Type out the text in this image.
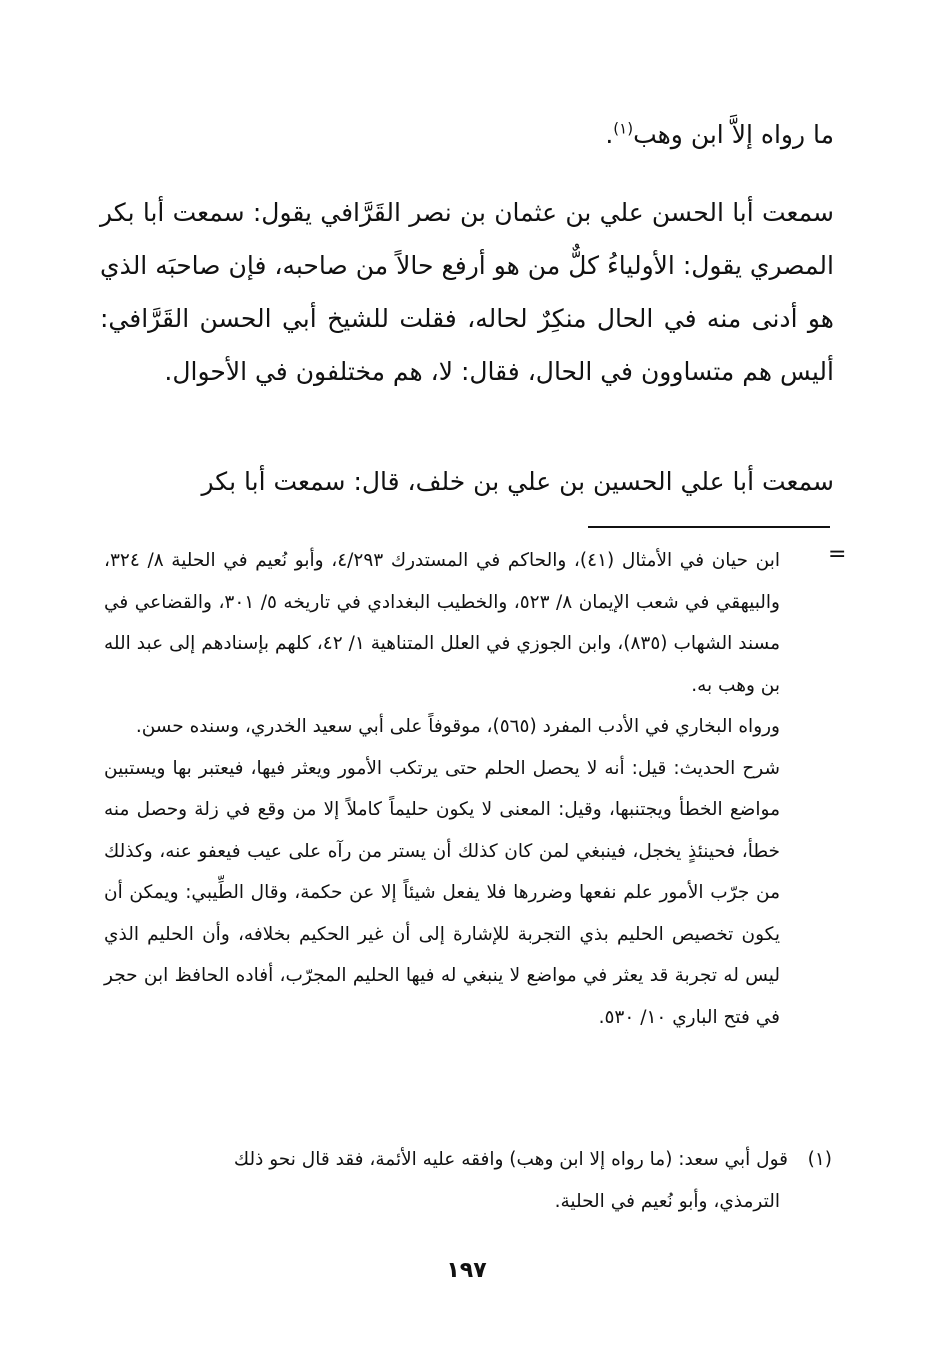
ما رواه إلاَّ ابن وهب$^{(١)}$.

سمعت أبا الحسن علي بن عثمان بن نصر القَرَّافي يقول: سمعت أبا بكر المصري يقول: الأولياءُ كلٌّ من هو أرفع حالاً من صاحبه، فإن صاحبَه الذي هو أدنى منه في الحال منكِرٌ لحاله، فقلت للشيخ أبي الحسن القَرَّافي: أليس هم متساوون في الحال، فقال: لا، هم مختلفون في الأحوال.

سمعت أبا علي الحسين بن علي بن خلف، قال: سمعت أبا بكر

=

ابن حيان في الأمثال (٤١)، والحاكم في المستدرك ٤/٢٩٣، وأبو نُعيم في الحلية ٨/ ٣٢٤، والبيهقي في شعب الإيمان ٨/ ٥٢٣، والخطيب البغدادي في تاريخه ٥/ ٣٠١، والقضاعي في مسند الشهاب (٨٣٥)، وابن الجوزي في العلل المتناهية ١/ ٤٢، كلهم بإسنادهم إلى عبد الله بن وهب به.

ورواه البخاري في الأدب المفرد (٥٦٥)، موقوفاً على أبي سعيد الخدري، وسنده حسن.

شرح الحديث: قيل: أنه لا يحصل الحلم حتى يرتكب الأمور ويعثر فيها، فيعتبر بها ويستبين مواضع الخطأ ويجتنبها، وقيل: المعنى لا يكون حليماً كاملاً إلا من وقع في زلة وحصل منه خطأ، فحينئذٍ يخجل، فينبغي لمن كان كذلك أن يستر من رآه على عيب فيعفو عنه، وكذلك من جرّب الأمور علم نفعها وضررها فلا يفعل شيئاً إلا عن حكمة، وقال الطِّيبي: ويمكن أن يكون تخصيص الحليم بذي التجربة للإشارة إلى أن غير الحكيم بخلافه، وأن الحليم الذي ليس له تجربة قد يعثر في مواضع لا ينبغي له فيها الحليم المجرّب، أفاده الحافظ ابن حجر في فتح الباري ١٠/ ٥٣٠.

(١)قول أبي سعد: (ما رواه إلا ابن وهب) وافقه عليه الأئمة، فقد قال نحو ذلك
الترمذي، وأبو نُعيم في الحلية.
١٩٧
